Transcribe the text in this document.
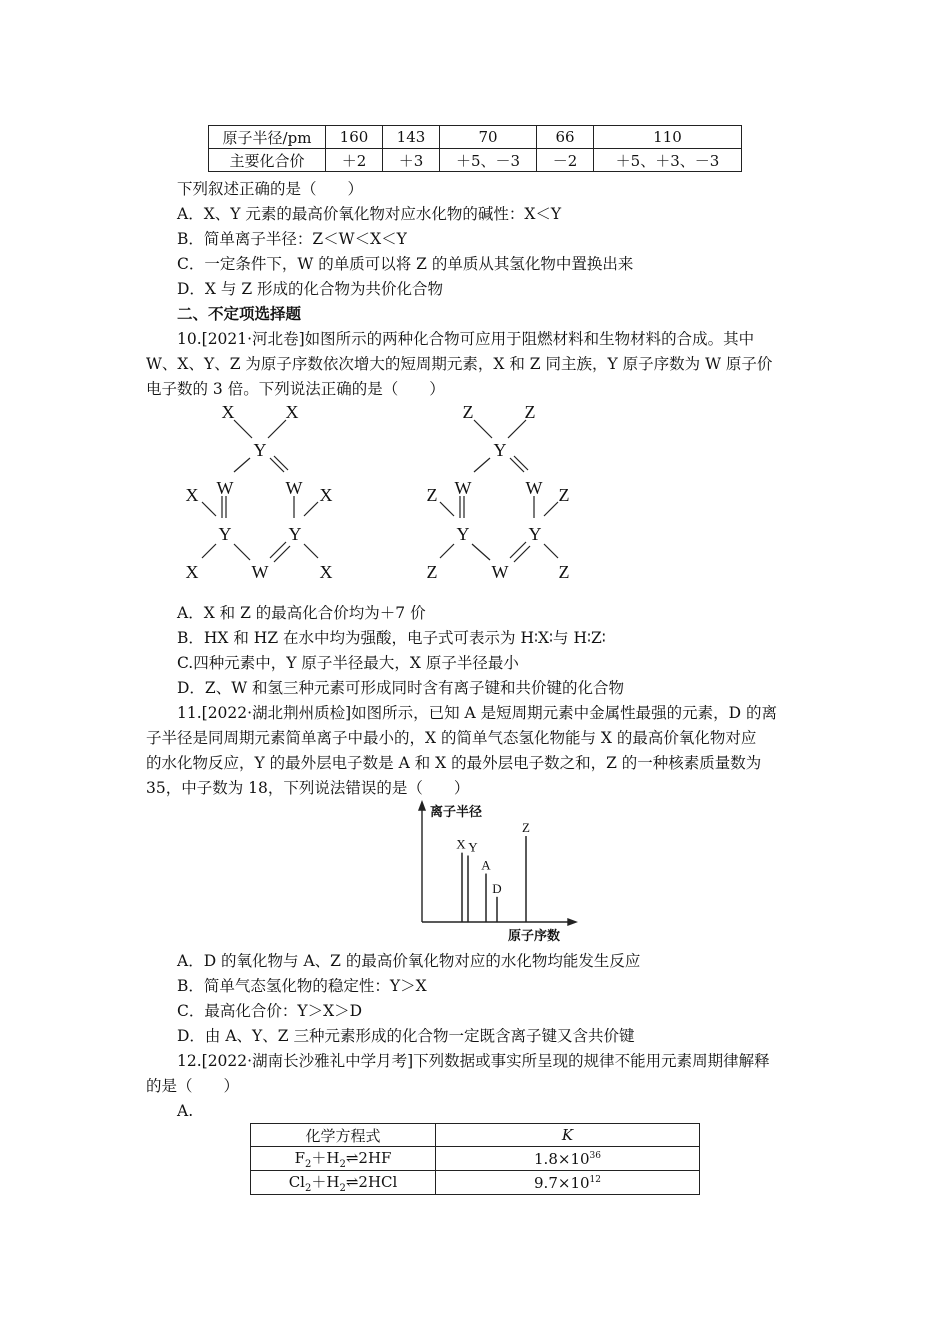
原子半径/pm	160	143	70	66	110
主要化合价	＋2	＋3	＋5、－3	－2	＋5、＋3、－3
下列叙述正确的是（　　）
A．X、Y 元素的最高价氧化物对应水化物的碱性：X＜Y
B．简单离子半径：Z＜W＜X＜Y
C．一定条件下，W 的单质可以将 Z 的单质从其氢化物中置换出来
D．X 与 Z 形成的化合物为共价化合物
二、不定项选择题
10.[2021·河北卷]如图所示的两种化合物可应用于阻燃材料和生物材料的合成。其中
W、X、Y、Z 为原子序数依次增大的短周期元素，X 和 Z 同主族，Y 原子序数为 W 原子价
电子数的 3 倍。下列说法正确的是（　　）
X	X
Y
W	W
X	X
Y	Y
X	W	X
Z	Z
Y
W	W
Z	Z
Y	Y
Z	W	Z
A．X 和 Z 的最高化合价均为＋7 价
B．HX 和 HZ 在水中均为强酸，电子式可表示为 H∶X∶与 H∶Z∶
C.四种元素中，Y 原子半径最大，X 原子半径最小
D．Z、W 和氢三种元素可形成同时含有离子键和共价键的化合物
11.[2022·湖北荆州质检]如图所示，已知 A 是短周期元素中金属性最强的元素，D 的离
子半径是同周期元素简单离子中最小的，X 的简单气态氢化物能与 X 的最高价氧化物对应
的水化物反应，Y 的最外层电子数是 A 和 X 的最外层电子数之和，Z 的一种核素质量数为
35，中子数为 18，下列说法错误的是（　　）
离子半径
原子序数
X Y
A
D
Z
A．D 的氧化物与 A、Z 的最高价氧化物对应的水化物均能发生反应
B．简单气态氢化物的稳定性：Y＞X
C．最高化合价：Y＞X＞D
D．由 A、Y、Z 三种元素形成的化合物一定既含离子键又含共价键
12.[2022·湖南长沙雅礼中学月考]下列数据或事实所呈现的规律不能用元素周期律解释
的是（　　）
A.
化学方程式	K
$F_2+H_2\rightleftharpoons 2HF$	$1.8\times 10^{36}$
$Cl_2+H_2\rightleftharpoons 2HCl$	$9.7\times 10^{12}$
